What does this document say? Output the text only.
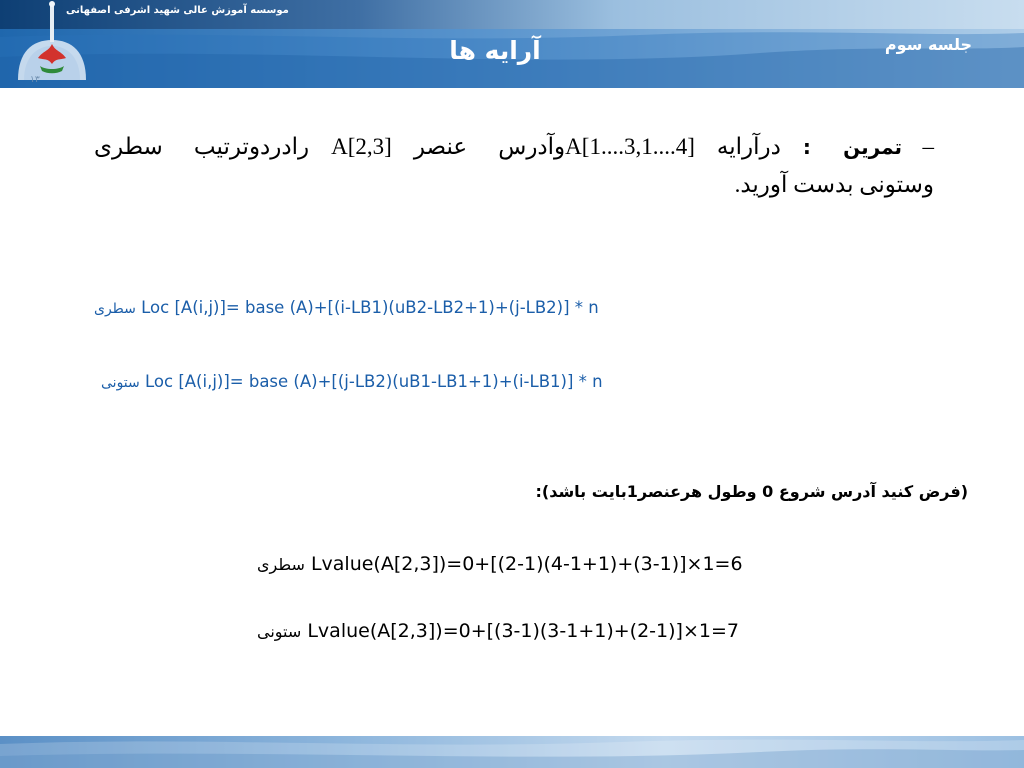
۱۳
موسسه آموزش عالی شهید اشرفی اصفهانی
آرایه ها	جلسه سوم
–تمرین :درآرایهA[1....3,1....4]وآدرس عنصرA[2,3]رادردوترتیب سطری وستونی بدست آورید.
سطری Loc [A(i,j)]= base (A)+[(i-LB1)(uB2-LB2+1)+(j-LB2)] * n
ستونی Loc [A(i,j)]= base (A)+[(j-LB2)(uB1-LB1+1)+(i-LB1)] * n
(فرض کنید آدرس شروع 0 وطول هرعنصر1بایت باشد):
سطری Lvalue(A[2,3])=0+[(2-1)(4-1+1)+(3-1)]×1=6
ستونی Lvalue(A[2,3])=0+[(3-1)(3-1+1)+(2-1)]×1=7
